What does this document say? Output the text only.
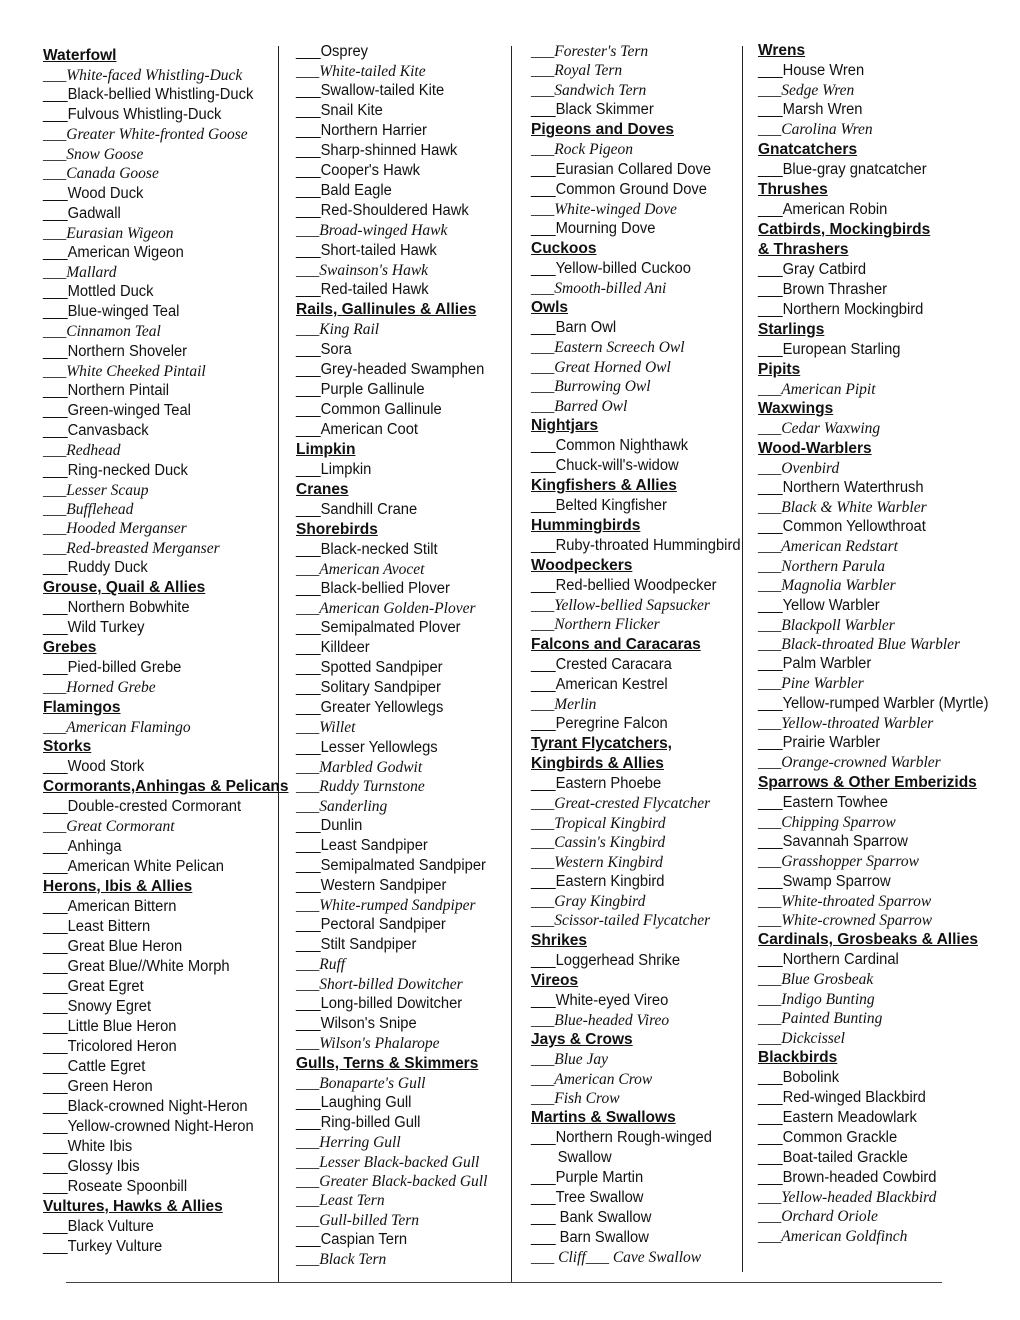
Waterfowl
___White-faced Whistling-Duck
___Black-bellied Whistling-Duck
___Fulvous Whistling-Duck
___Greater White-fronted Goose
___Snow Goose
___Canada Goose
___Wood Duck
___Gadwall
___Eurasian Wigeon
___American Wigeon
___Mallard
___Mottled Duck
___Blue-winged Teal
___Cinnamon Teal
___Northern Shoveler
___White Cheeked Pintail
___Northern Pintail
___Green-winged Teal
___Canvasback
___Redhead
___Ring-necked Duck
___Lesser Scaup
___Bufflehead
___Hooded Merganser
___Red-breasted Merganser
___Ruddy Duck
Grouse, Quail & Allies
___Northern Bobwhite
___Wild Turkey
Grebes
___Pied-billed Grebe
___Horned Grebe
Flamingos
___American Flamingo
Storks
___Wood Stork
Cormorants,Anhingas & Pelicans
___Double-crested Cormorant
___Great Cormorant
___Anhinga
___American White Pelican
Herons, Ibis & Allies
___American Bittern
___Least Bittern
___Great Blue Heron
___Great Blue//White Morph
___Great Egret
___Snowy Egret
___Little Blue Heron
___Tricolored Heron
___Cattle Egret
___Green Heron
___Black-crowned Night-Heron
___Yellow-crowned Night-Heron
___White Ibis
___Glossy Ibis
___Roseate Spoonbill
Vultures, Hawks & Allies
___Black Vulture
___Turkey Vulture
___Osprey
___White-tailed Kite
___Swallow-tailed Kite
___Snail Kite
___Northern Harrier
___Sharp-shinned Hawk
___Cooper's Hawk
___Bald Eagle
___Red-Shouldered Hawk
___Broad-winged Hawk
___Short-tailed Hawk
___Swainson's Hawk
___Red-tailed Hawk
Rails, Gallinules & Allies
___King Rail
___Sora
___Grey-headed Swamphen
___Purple Gallinule
___Common Gallinule
___American Coot
Limpkin
___Limpkin
Cranes
___Sandhill Crane
Shorebirds
___Black-necked Stilt
___American Avocet
___Black-bellied Plover
___American Golden-Plover
___Semipalmated Plover
___Killdeer
___Spotted Sandpiper
___Solitary Sandpiper
___Greater Yellowlegs
___Willet
___Lesser Yellowlegs
___Marbled Godwit
___Ruddy Turnstone
___Sanderling
___Dunlin
___Least Sandpiper
___Semipalmated Sandpiper
___Western Sandpiper
___White-rumped Sandpiper
___Pectoral Sandpiper
___Stilt Sandpiper
___Ruff
___Short-billed Dowitcher
___Long-billed Dowitcher
___Wilson's Snipe
___Wilson's Phalarope
Gulls, Terns & Skimmers
___Bonaparte's Gull
___Laughing Gull
___Ring-billed Gull
___Herring Gull
___Lesser Black-backed Gull
___Greater Black-backed Gull
___Least Tern
___Gull-billed Tern
___Caspian Tern
___Black Tern
___Forester's Tern
___Royal Tern
___Sandwich Tern
___Black Skimmer
Pigeons and Doves
___Rock Pigeon
___Eurasian Collared Dove
___Common Ground Dove
___White-winged Dove
___Mourning Dove
Cuckoos
___Yellow-billed Cuckoo
___Smooth-billed Ani
Owls
___Barn Owl
___Eastern Screech Owl
___Great Horned Owl
___Burrowing Owl
___Barred Owl
Nightjars
___Common Nighthawk
___Chuck-will's-widow
Kingfishers & Allies
___Belted Kingfisher
Hummingbirds
___Ruby-throated Hummingbird
Woodpeckers
___Red-bellied Woodpecker
___Yellow-bellied Sapsucker
___Northern Flicker
Falcons and Caracaras
___Crested Caracara
___American Kestrel
___Merlin
___Peregrine Falcon
Tyrant Flycatchers,
Kingbirds & Allies
___Eastern Phoebe
___Great-crested Flycatcher
___Tropical Kingbird
___Cassin's Kingbird
___Western Kingbird
___Eastern Kingbird
___Gray Kingbird
___Scissor-tailed Flycatcher
Shrikes
___Loggerhead Shrike
Vireos
___White-eyed Vireo
___Blue-headed Vireo
Jays & Crows
___Blue Jay
___American Crow
___Fish Crow
Martins & Swallows
___Northern Rough-winged
Swallow
___Purple Martin
___Tree Swallow
___ Bank Swallow
___ Barn Swallow
___ Cliff___ Cave Swallow
Wrens
___House Wren
___Sedge Wren
___Marsh Wren
___Carolina Wren
Gnatcatchers
___Blue-gray gnatcatcher
Thrushes
___American Robin
Catbirds, Mockingbirds
& Thrashers
___Gray Catbird
___Brown Thrasher
___Northern Mockingbird
Starlings
___European Starling
Pipits
___American Pipit
Waxwings
___Cedar Waxwing
Wood-Warblers
___Ovenbird
___Northern Waterthrush
___Black & White Warbler
___Common Yellowthroat
___American Redstart
___Northern Parula
___Magnolia Warbler
___Yellow Warbler
___Blackpoll Warbler
___Black-throated Blue Warbler
___Palm Warbler
___Pine Warbler
___Yellow-rumped Warbler (Myrtle)
___Yellow-throated Warbler
___Prairie Warbler
___Orange-crowned Warbler
Sparrows & Other Emberizids
___Eastern Towhee
___Chipping Sparrow
___Savannah Sparrow
___Grasshopper Sparrow
___Swamp Sparrow
___White-throated Sparrow
___White-crowned Sparrow
Cardinals, Grosbeaks & Allies
___Northern Cardinal
___Blue Grosbeak
___Indigo Bunting
___Painted Bunting
___Dickcissel
Blackbirds
___Bobolink
___Red-winged Blackbird
___Eastern Meadowlark
___Common Grackle
___Boat-tailed Grackle
___Brown-headed Cowbird
___Yellow-headed Blackbird
___Orchard Oriole
___American Goldfinch
